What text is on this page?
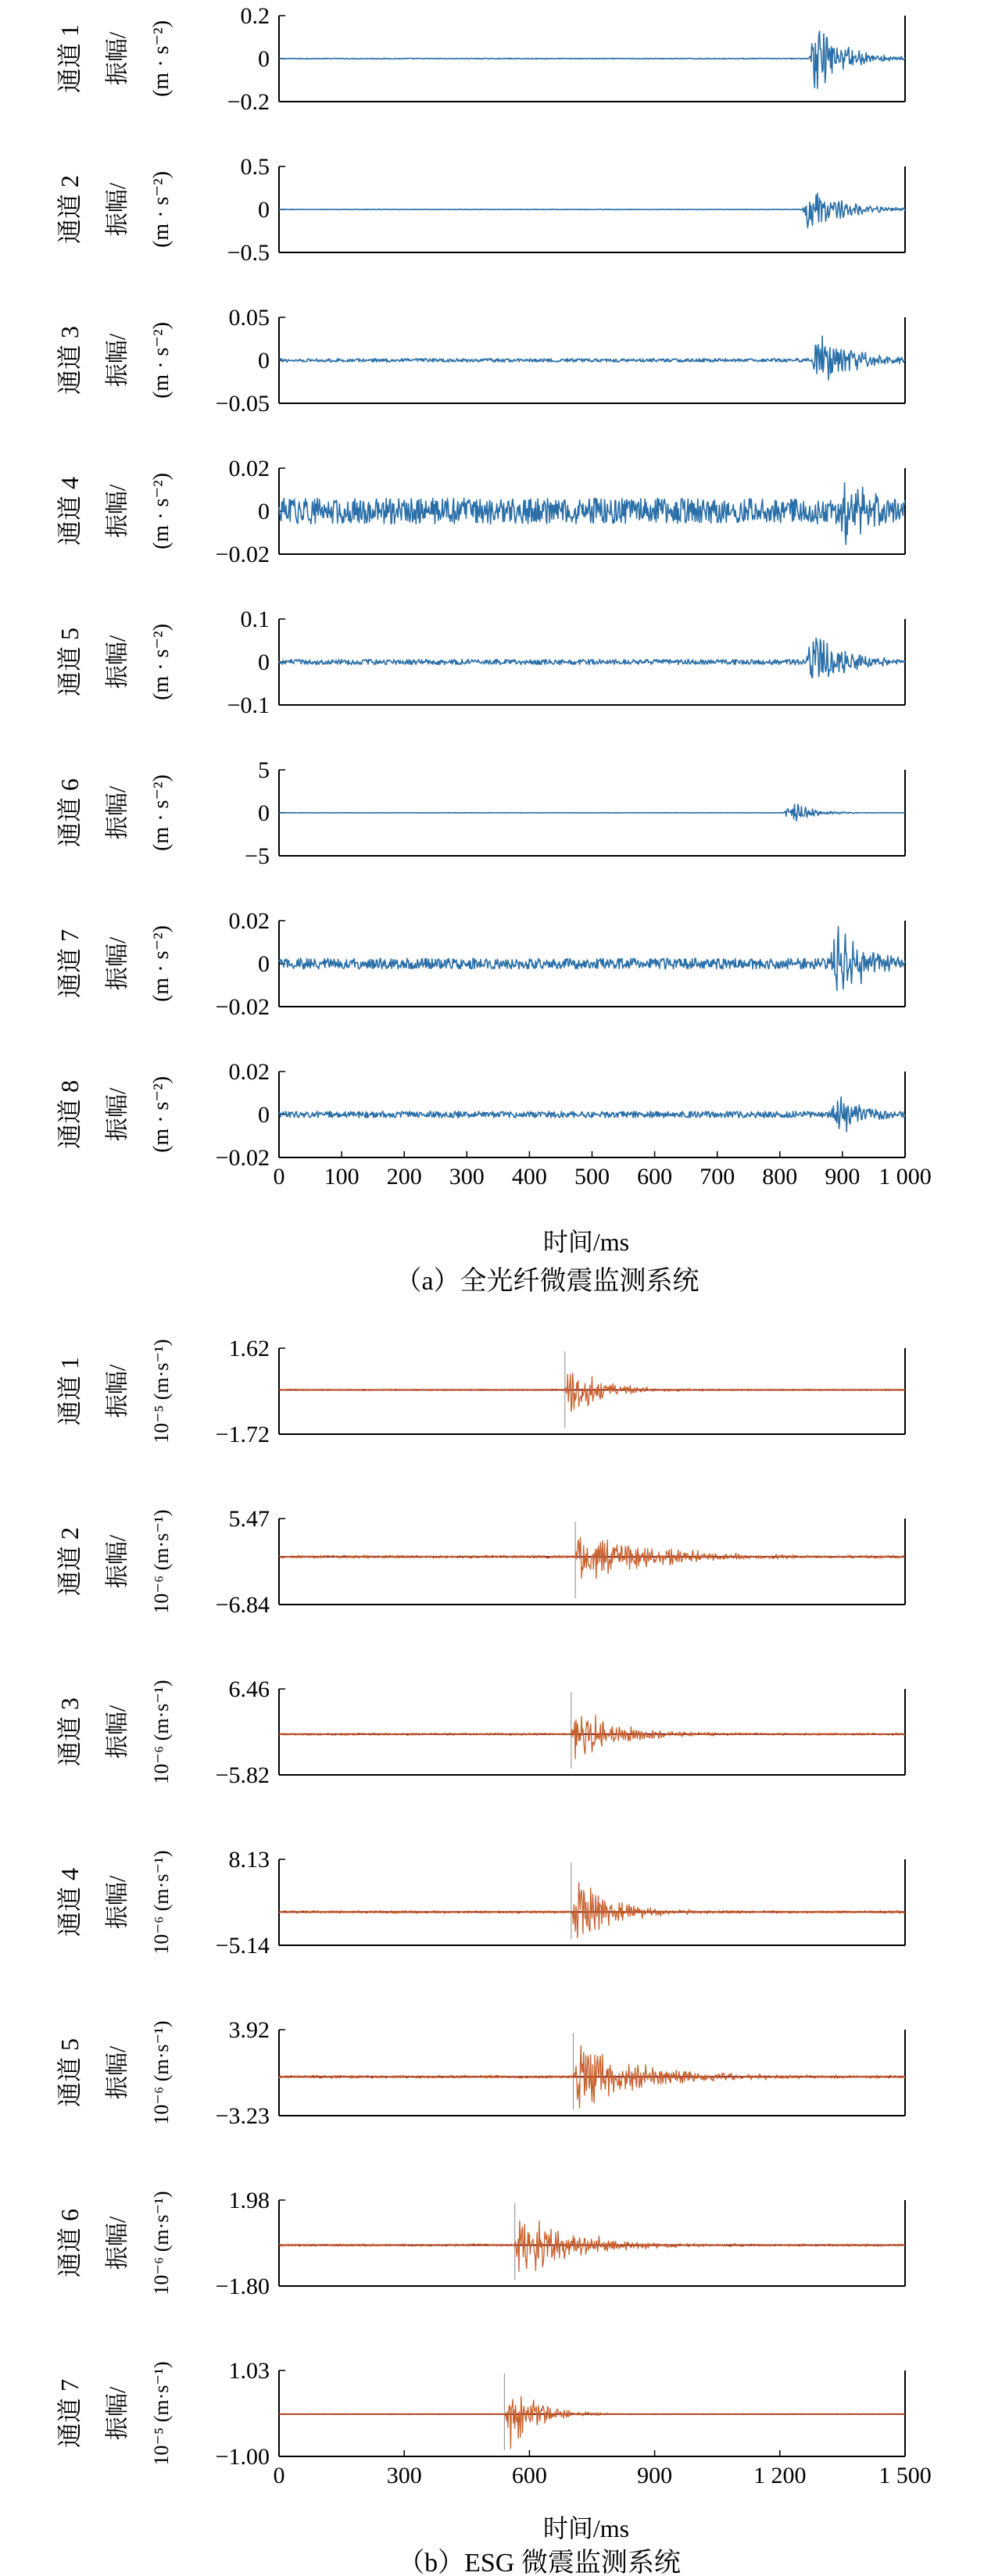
0.2
0
−0.2
通道 1 振幅/ (m · s⁻²)
0.5
0
−0.5
通道 2 振幅/ (m · s⁻²)
0.05
0
−0.05
通道 3 振幅/ (m · s⁻²)
0.02
0
−0.02
通道 4 振幅/ (m · s⁻²)
0.1
0
−0.1
通道 5 振幅/ (m · s⁻²)
5
0
−5
通道 6 振幅/ (m · s⁻²)
0.02
0
−0.02
通道 7 振幅/ (m · s⁻²)
0.02
0
−0.02
通道 8 振幅/ (m · s⁻²)
0 100 200 300 400 500 600 700 800 900 1 000
时间/ms
（a）全光纤微震监测系统
1.62
−1.72
通道 1 振幅/ 10⁻⁵ (m·s⁻¹)
5.47
−6.84
通道 2 振幅/ 10⁻⁶ (m·s⁻¹)
6.46
−5.82
通道 3 振幅/ 10⁻⁶ (m·s⁻¹)
8.13
−5.14
通道 4 振幅/ 10⁻⁶ (m·s⁻¹)
3.92
−3.23
通道 5 振幅/ 10⁻⁶ (m·s⁻¹)
1.98
−1.80
通道 6 振幅/ 10⁻⁶ (m·s⁻¹)
1.03
−1.00
通道 7 振幅/ 10⁻⁵ (m·s⁻¹)
0	300	600	900	1 200	1 500
时间/ms
（b）ESG 微震监测系统
